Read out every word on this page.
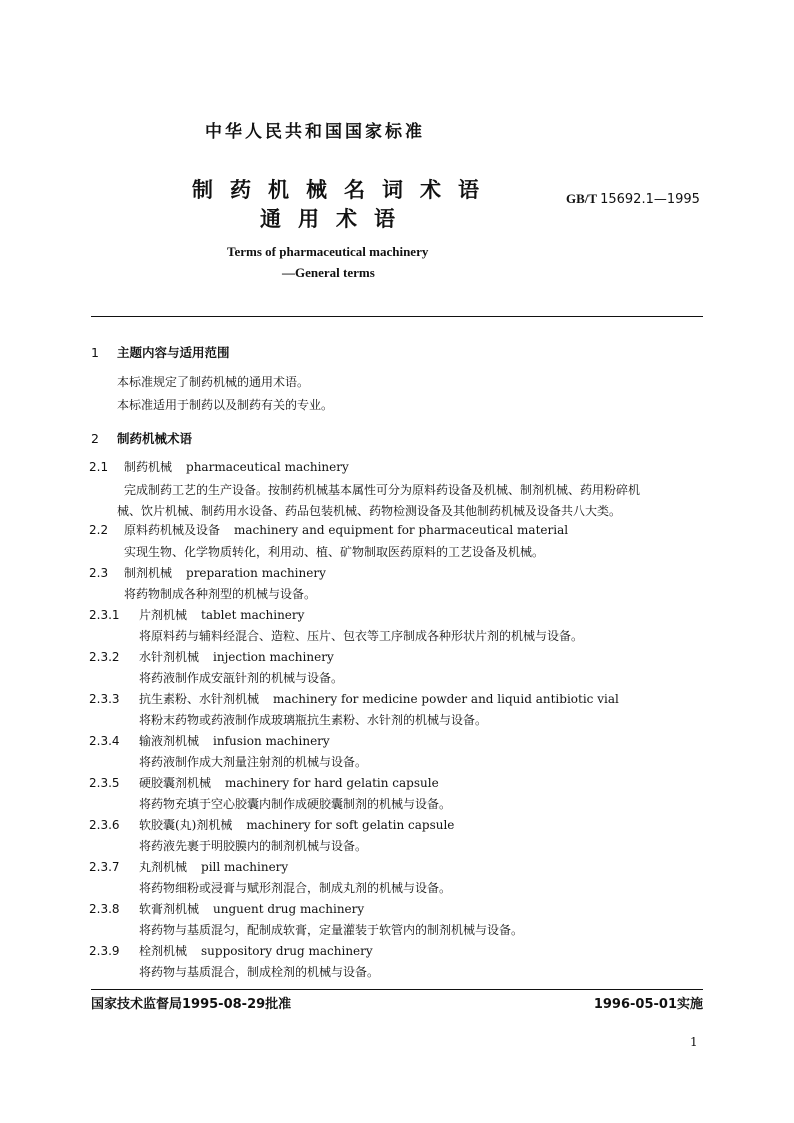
中华人民共和国国家标准
制药机械名词术语
通用术语
GB/T 15692.1—1995
Terms of pharmaceutical machinery
—General terms
1 主题内容与适用范围
本标准规定了制药机械的通用术语。
本标准适用于制药以及制药有关的专业。
2 制药机械术语
2.1 制药机械 pharmaceutical machinery
完成制药工艺的生产设备。按制药机械基本属性可分为原料药设备及机械、制剂机械、药用粉碎机
械、饮片机械、制药用水设备、药品包装机械、药物检测设备及其他制药机械及设备共八大类。
2.2 原料药机械及设备 machinery and equipment for pharmaceutical material
实现生物、化学物质转化，利用动、植、矿物制取医药原料的工艺设备及机械。
2.3 制剂机械 preparation machinery
将药物制成各种剂型的机械与设备。
2.3.1 片剂机械 tablet machinery
将原料药与辅料经混合、造粒、压片、包衣等工序制成各种形状片剂的机械与设备。
2.3.2 水针剂机械 injection machinery
将药液制作成安瓿针剂的机械与设备。
2.3.3 抗生素粉、水针剂机械 machinery for medicine powder and liquid antibiotic vial
将粉末药物或药液制作成玻璃瓶抗生素粉、水针剂的机械与设备。
2.3.4 输液剂机械 infusion machinery
将药液制作成大剂量注射剂的机械与设备。
2.3.5 硬胶囊剂机械 machinery for hard gelatin capsule
将药物充填于空心胶囊内制作成硬胶囊制剂的机械与设备。
2.3.6 软胶囊(丸)剂机械 machinery for soft gelatin capsule
将药液先裹于明胶膜内的制剂机械与设备。
2.3.7 丸剂机械 pill machinery
将药物细粉或浸膏与赋形剂混合，制成丸剂的机械与设备。
2.3.8 软膏剂机械 unguent drug machinery
将药物与基质混匀，配制成软膏，定量灌装于软管内的制剂机械与设备。
2.3.9 栓剂机械 suppository drug machinery
将药物与基质混合，制成栓剂的机械与设备。
国家技术监督局1995-08-29批准	1996-05-01实施
1
